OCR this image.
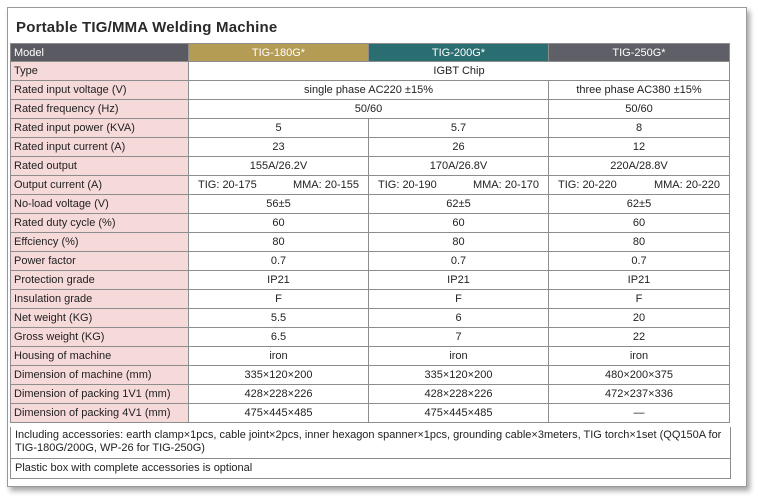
Portable TIG/MMA Welding Machine
Model	TIG-180G*	TIG-200G*	TIG-250G*
Type	IGBT Chip		
Rated input voltage (V)	single phase AC220 ±15%		three phase AC380 ±15%
Rated frequency (Hz)	50/60		50/60
Rated input power (KVA)	5	5.7	8
Rated input current (A)	23	26	12
Rated output	155A/26.2V	170A/26.8V	220A/28.8V
Output current (A)	TIG: 20-175 MMA: 20-155	TIG: 20-190 MMA: 20-170	TIG: 20-220 MMA: 20-220

No-load voltage (V)	56±5	62±5	62±5
Rated duty cycle (%)	60	60	60
Effciency (%)	80	80	80
Power factor	0.7	0.7	0.7
Protection grade	IP21	IP21	IP21
Insulation grade	F	F	F
Net weight (KG)	5.5	6	20
Gross weight (KG)	6.5	7	22
Housing of machine	iron	iron	iron
Dimension of machine (mm)	335×120×200	335×120×200	480×200×375
Dimension of packing 1V1 (mm)	428×228×226	428×228×226	472×237×336
Dimension of packing 4V1 (mm)	475×445×485	475×445×485	—
Including accessories: earth clamp×1pcs, cable joint×2pcs, inner hexagon spanner×1pcs, grounding cable×3meters, TIG torch×1set (QQ150A for TIG-180G/200G, WP-26 for TIG-250G)
Plastic box with complete accessories is optional
